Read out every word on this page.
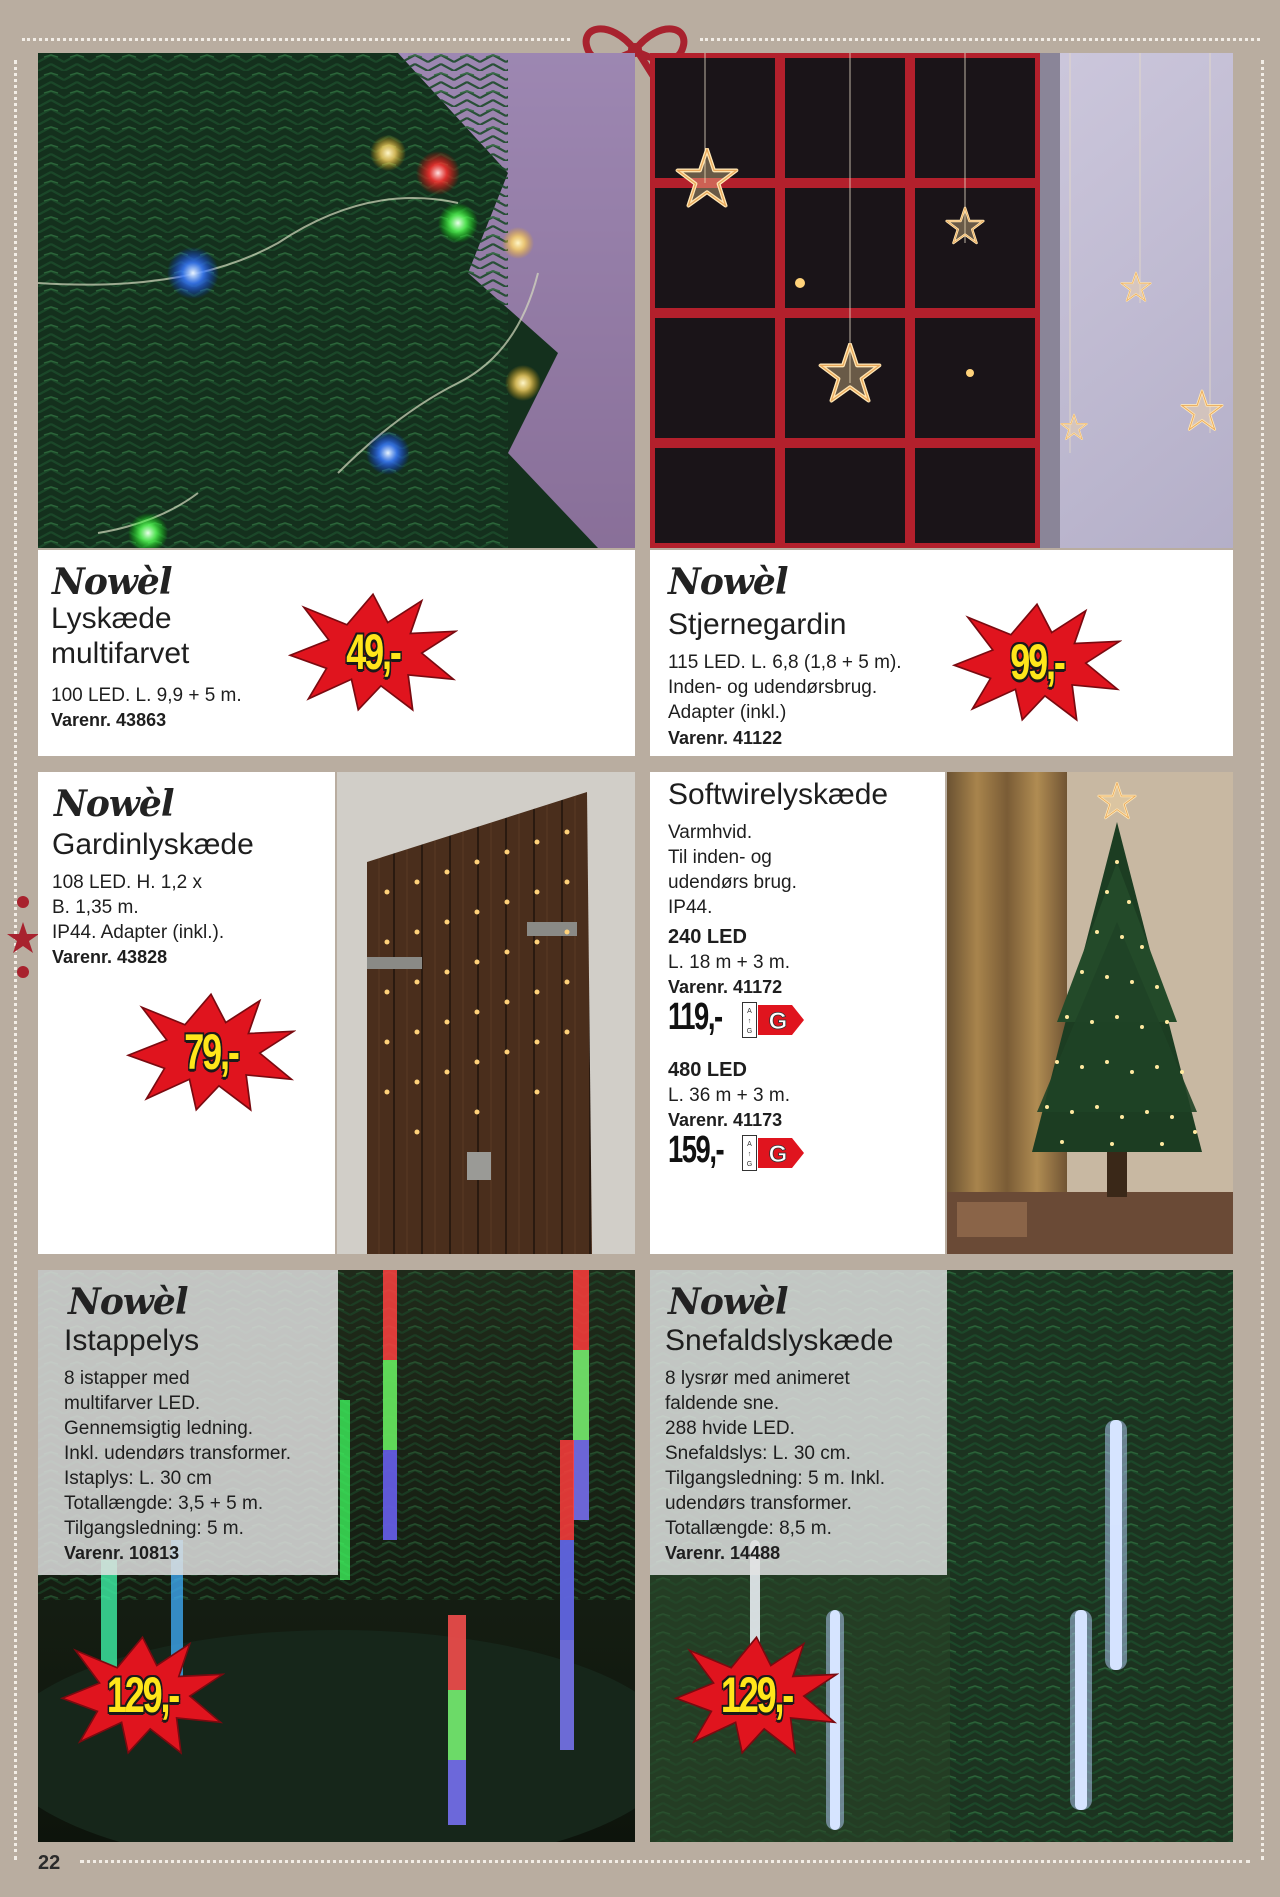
Nowèl
Lyskæde multifarvet
100 LED. L. 9,9 + 5 m.
Varenr. 43863
49,-
Nowèl
Stjernegardin
115 LED. L. 6,8 (1,8 + 5 m).
Inden- og udendørsbrug.
Adapter (inkl.)
Varenr. 41122
99,-
Nowèl
Gardinlyskæde
108 LED. H. 1,2 x
B. 1,35 m.
IP44. Adapter (inkl.).
Varenr. 43828
79,-
Softwirelyskæde
Varmhvid.
Til inden- og
udendørs brug.
IP44.
240 LED
L. 18 m + 3 m.
Varenr. 41172
119,-	A
↑
G G
480 LED
L. 36 m + 3 m.
Varenr. 41173
159,-	A
↑
G G
Nowèl
Istappelys
8 istapper med
multifarver LED.
Gennemsigtig ledning.
Inkl. udendørs transformer.
Istaplys: L. 30 cm
Totallængde: 3,5 + 5 m.
Tilgangsledning: 5 m.
Varenr. 10813
129,-
Nowèl
Snefaldslyskæde
8 lysrør med animeret
faldende sne.
288 hvide LED.
Snefaldslys: L. 30 cm.
Tilgangsledning: 5 m. Inkl.
udendørs transformer.
Totallængde: 8,5 m.
Varenr. 14488
129,-
22
